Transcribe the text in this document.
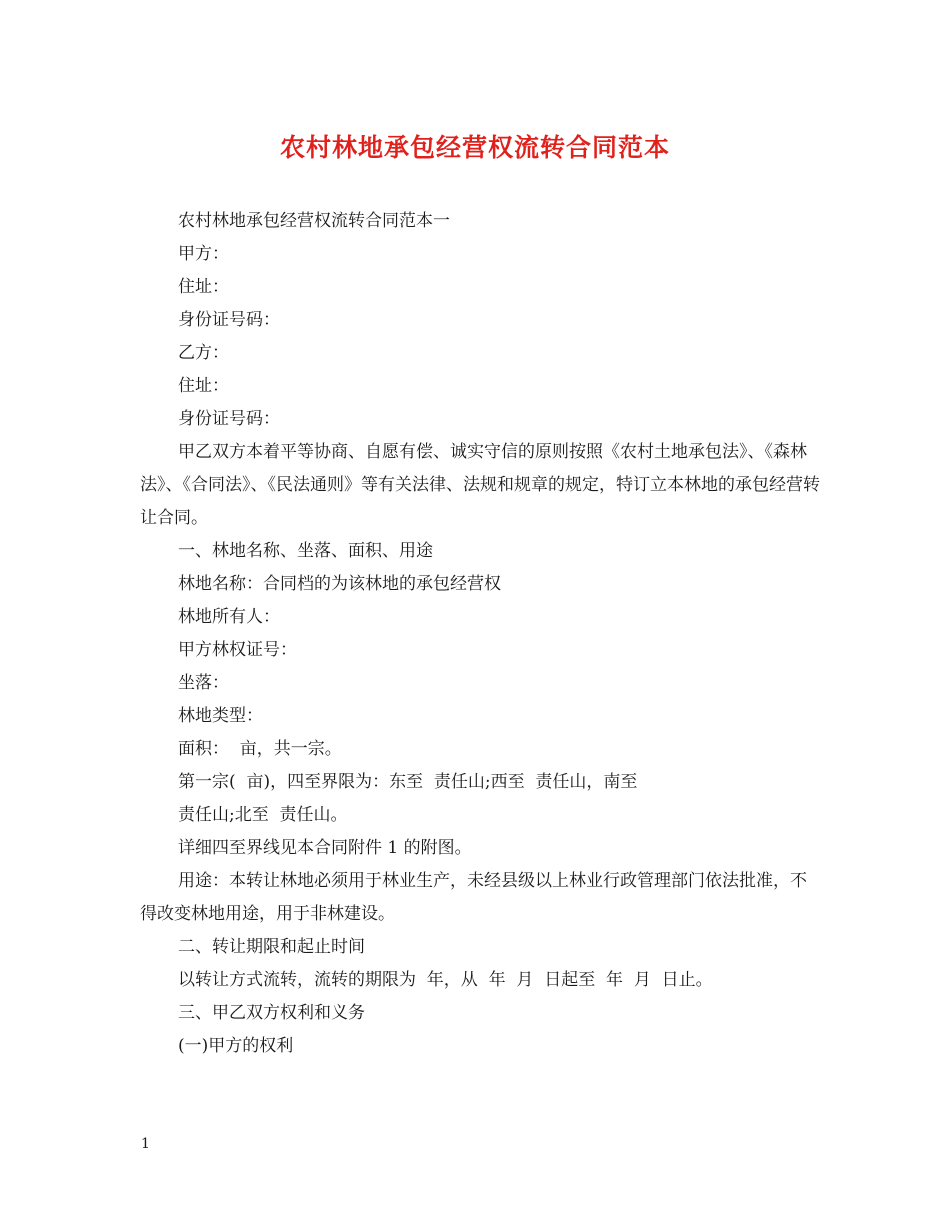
农村林地承包经营权流转合同范本

农村林地承包经营权流转合同范本一

甲方：

住址：

身份证号码：

乙方：

住址：

身份证号码：

甲乙双方本着平等协商、自愿有偿、诚实守信的原则按照《农村土地承包法》、《森林法》、《合同法》、《民法通则》等有关法律、法规和规章的规定，特订立本林地的承包经营转让合同。

一、林地名称、坐落、面积、用途

林地名称：合同档的为该林地的承包经营权

林地所有人：

甲方林权证号：

坐落：

林地类型：

面积：  亩，共一宗。

第一宗(  亩)，四至界限为：东至  责任山;西至  责任山，南至

责任山;北至  责任山。

详细四至界线见本合同附件 1 的附图。

用途：本转让林地必须用于林业生产，未经县级以上林业行政管理部门依法批准，不得改变林地用途，用于非林建设。

二、转让期限和起止时间

以转让方式流转，流转的期限为  年，从  年  月  日起至  年  月  日止。

三、甲乙双方权利和义务

(一)甲方的权利

1
